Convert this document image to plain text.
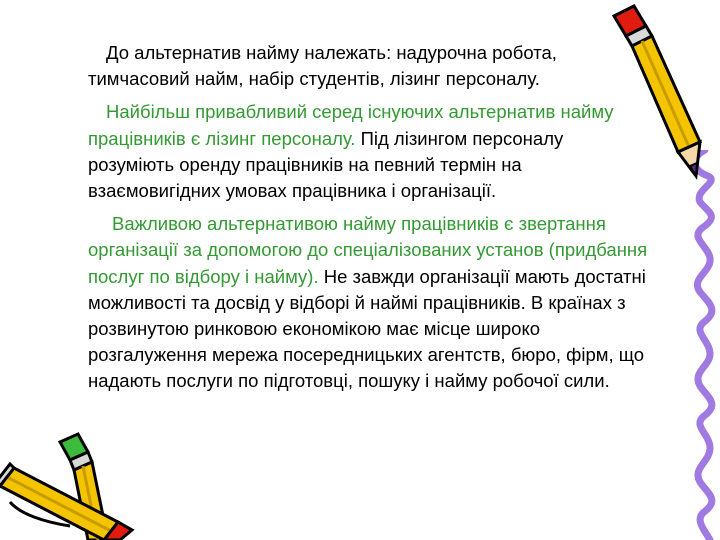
До альтернатив найму належать: надурочна робота, тимчасовий найм, набір студентів, лізинг персоналу.

Найбільш привабливий серед існуючих альтернатив найму працівників є лізинг персоналу. Під лізингом персоналу розуміють оренду працівників на певний термін на взаємовигідних умовах працівника і організації.

Важливою альтернативою найму працівників є звертання організації за допомогою до спеціалізованих установ (придбання послуг по відбору і найму). Не завжди організації мають достатні можливості та досвід у відборі й наймі працівників. В країнах з розвинутою ринковою економікою має місце широко розгалуження мережа посередницьких агентств, бюро, фірм, що надають послуги по підготовці, пошуку і найму робочої сили.
